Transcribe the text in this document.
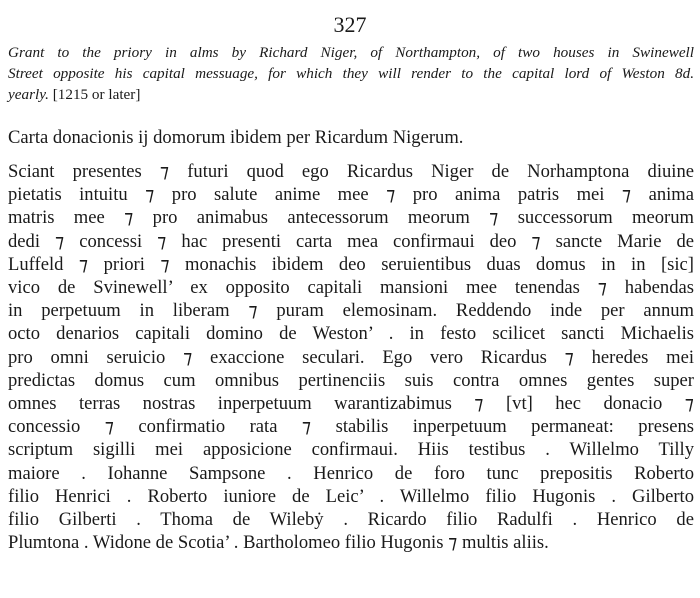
327
Grant to the priory in alms by Richard Niger, of Northampton, of two houses in Swinewell
Street opposite his capital messuage, for which they will render to the capital lord of Weston 8d.
yearly. [1215 or later]
Carta donacionis ij domorum ibidem per Ricardum Nigerum.
Sciant presentes ⁊ futuri quod ego Ricardus Niger de Norhamptona diuine
pietatis intuitu ⁊ pro salute anime mee ⁊ pro anima patris mei ⁊ anima
matris mee ⁊ pro animabus antecessorum meorum ⁊ successorum meorum
dedi ⁊ concessi ⁊ hac presenti carta mea confirmaui deo ⁊ sancte Marie de
Luffeld ⁊ priori ⁊ monachis ibidem deo seruientibus duas domus in in [sic]
vico de Svinewell’ ex opposito capitali mansioni mee tenendas ⁊ habendas
in perpetuum in liberam ⁊ puram elemosinam. Reddendo inde per annum
octo denarios capitali domino de Weston’ . in festo scilicet sancti Michaelis
pro omni seruicio ⁊ exaccione seculari. Ego vero Ricardus ⁊ heredes mei
predictas domus cum omnibus pertinenciis suis contra omnes gentes super
omnes terras nostras inperpetuum warantizabimus ⁊ [vt] hec donacio ⁊
concessio ⁊ confirmatio rata ⁊ stabilis inperpetuum permaneat: presens
scriptum sigilli mei apposicione confirmaui. Hiis testibus . Willelmo Tilly
maiore . Iohanne Sampsone . Henrico de foro tunc prepositis Roberto
filio Henrici . Roberto iuniore de Leic’ . Willelmo filio Hugonis . Gilberto
filio Gilberti . Thoma de Wilebẏ . Ricardo filio Radulfi . Henrico de
Plumtona . Widone de Scotia’ . Bartholomeo filio Hugonis ⁊ multis aliis.
